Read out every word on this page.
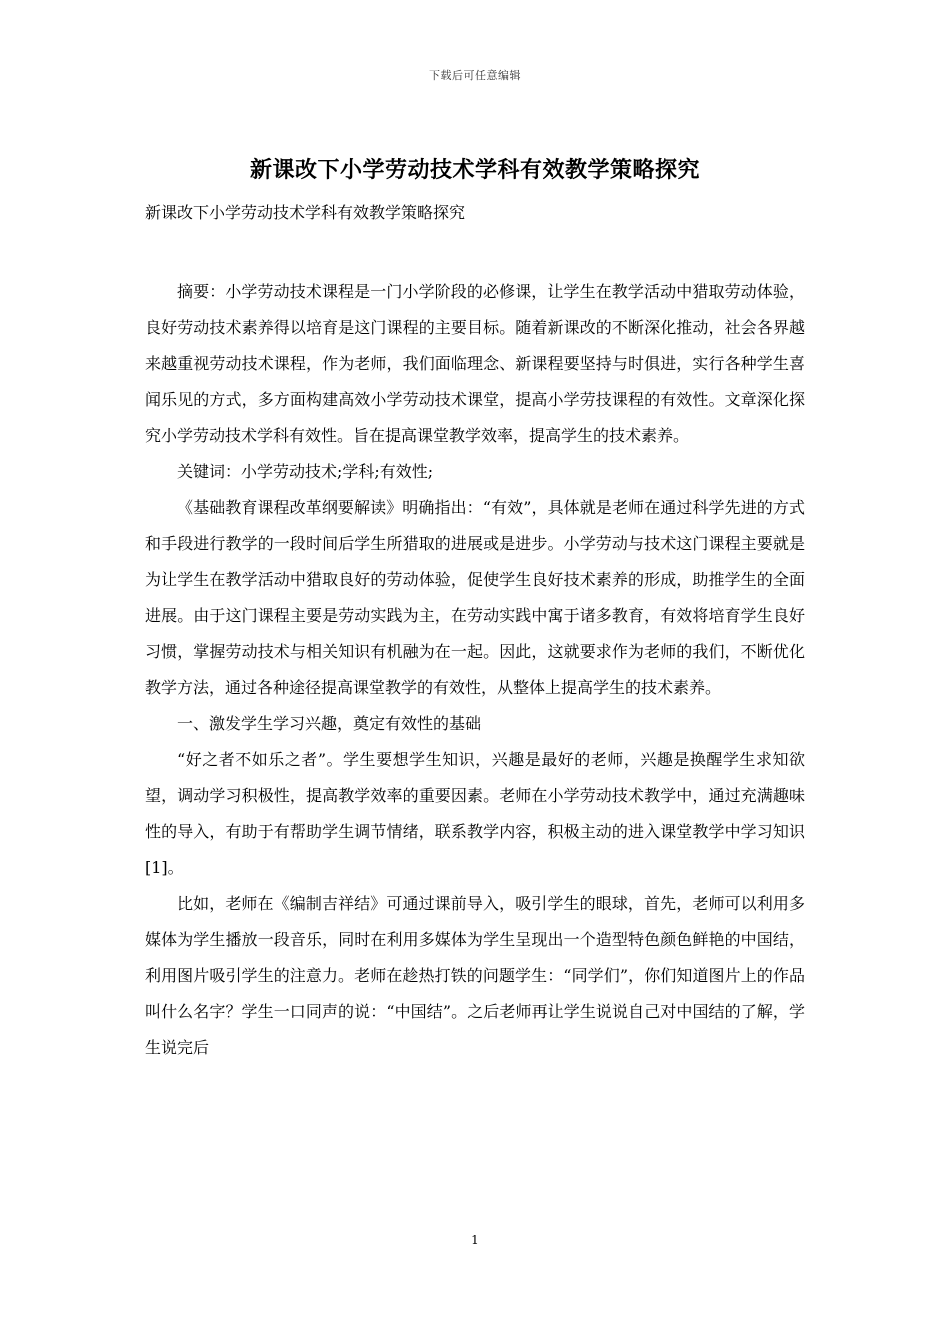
下载后可任意编辑
新课改下小学劳动技术学科有效教学策略探究
新课改下小学劳动技术学科有效教学策略探究

摘要：小学劳动技术课程是一门小学阶段的必修课，让学生在教学活动中猎取劳动体验，良好劳动技术素养得以培育是这门课程的主要目标。随着新课改的不断深化推动，社会各界越来越重视劳动技术课程，作为老师，我们面临理念、新课程要坚持与时俱进，实行各种学生喜闻乐见的方式，多方面构建高效小学劳动技术课堂，提高小学劳技课程的有效性。文章深化探究小学劳动技术学科有效性。旨在提高课堂教学效率，提高学生的技术素养。

关键词：小学劳动技术;学科;有效性;

《基础教育课程改革纲要解读》明确指出：“有效”，具体就是老师在通过科学先进的方式和手段进行教学的一段时间后学生所猎取的进展或是进步。小学劳动与技术这门课程主要就是为让学生在教学活动中猎取良好的劳动体验，促使学生良好技术素养的形成，助推学生的全面进展。由于这门课程主要是劳动实践为主，在劳动实践中寓于诸多教育，有效将培育学生良好习惯，掌握劳动技术与相关知识有机融为在一起。因此，这就要求作为老师的我们，不断优化教学方法，通过各种途径提高课堂教学的有效性，从整体上提高学生的技术素养。

一、激发学生学习兴趣，奠定有效性的基础

“好之者不如乐之者”。学生要想学生知识，兴趣是最好的老师，兴趣是换醒学生求知欲望，调动学习积极性，提高教学效率的重要因素。老师在小学劳动技术教学中，通过充满趣味性的导入，有助于有帮助学生调节情绪，联系教学内容，积极主动的进入课堂教学中学习知识[1]。

比如，老师在《编制吉祥结》可通过课前导入，吸引学生的眼球，首先，老师可以利用多媒体为学生播放一段音乐，同时在利用多媒体为学生呈现出一个造型特色颜色鲜艳的中国结，利用图片吸引学生的注意力。老师在趁热打铁的问题学生：“同学们”，你们知道图片上的作品叫什么名字？学生一口同声的说：“中国结”。之后老师再让学生说说自己对中国结的了解，学生说完后

1
